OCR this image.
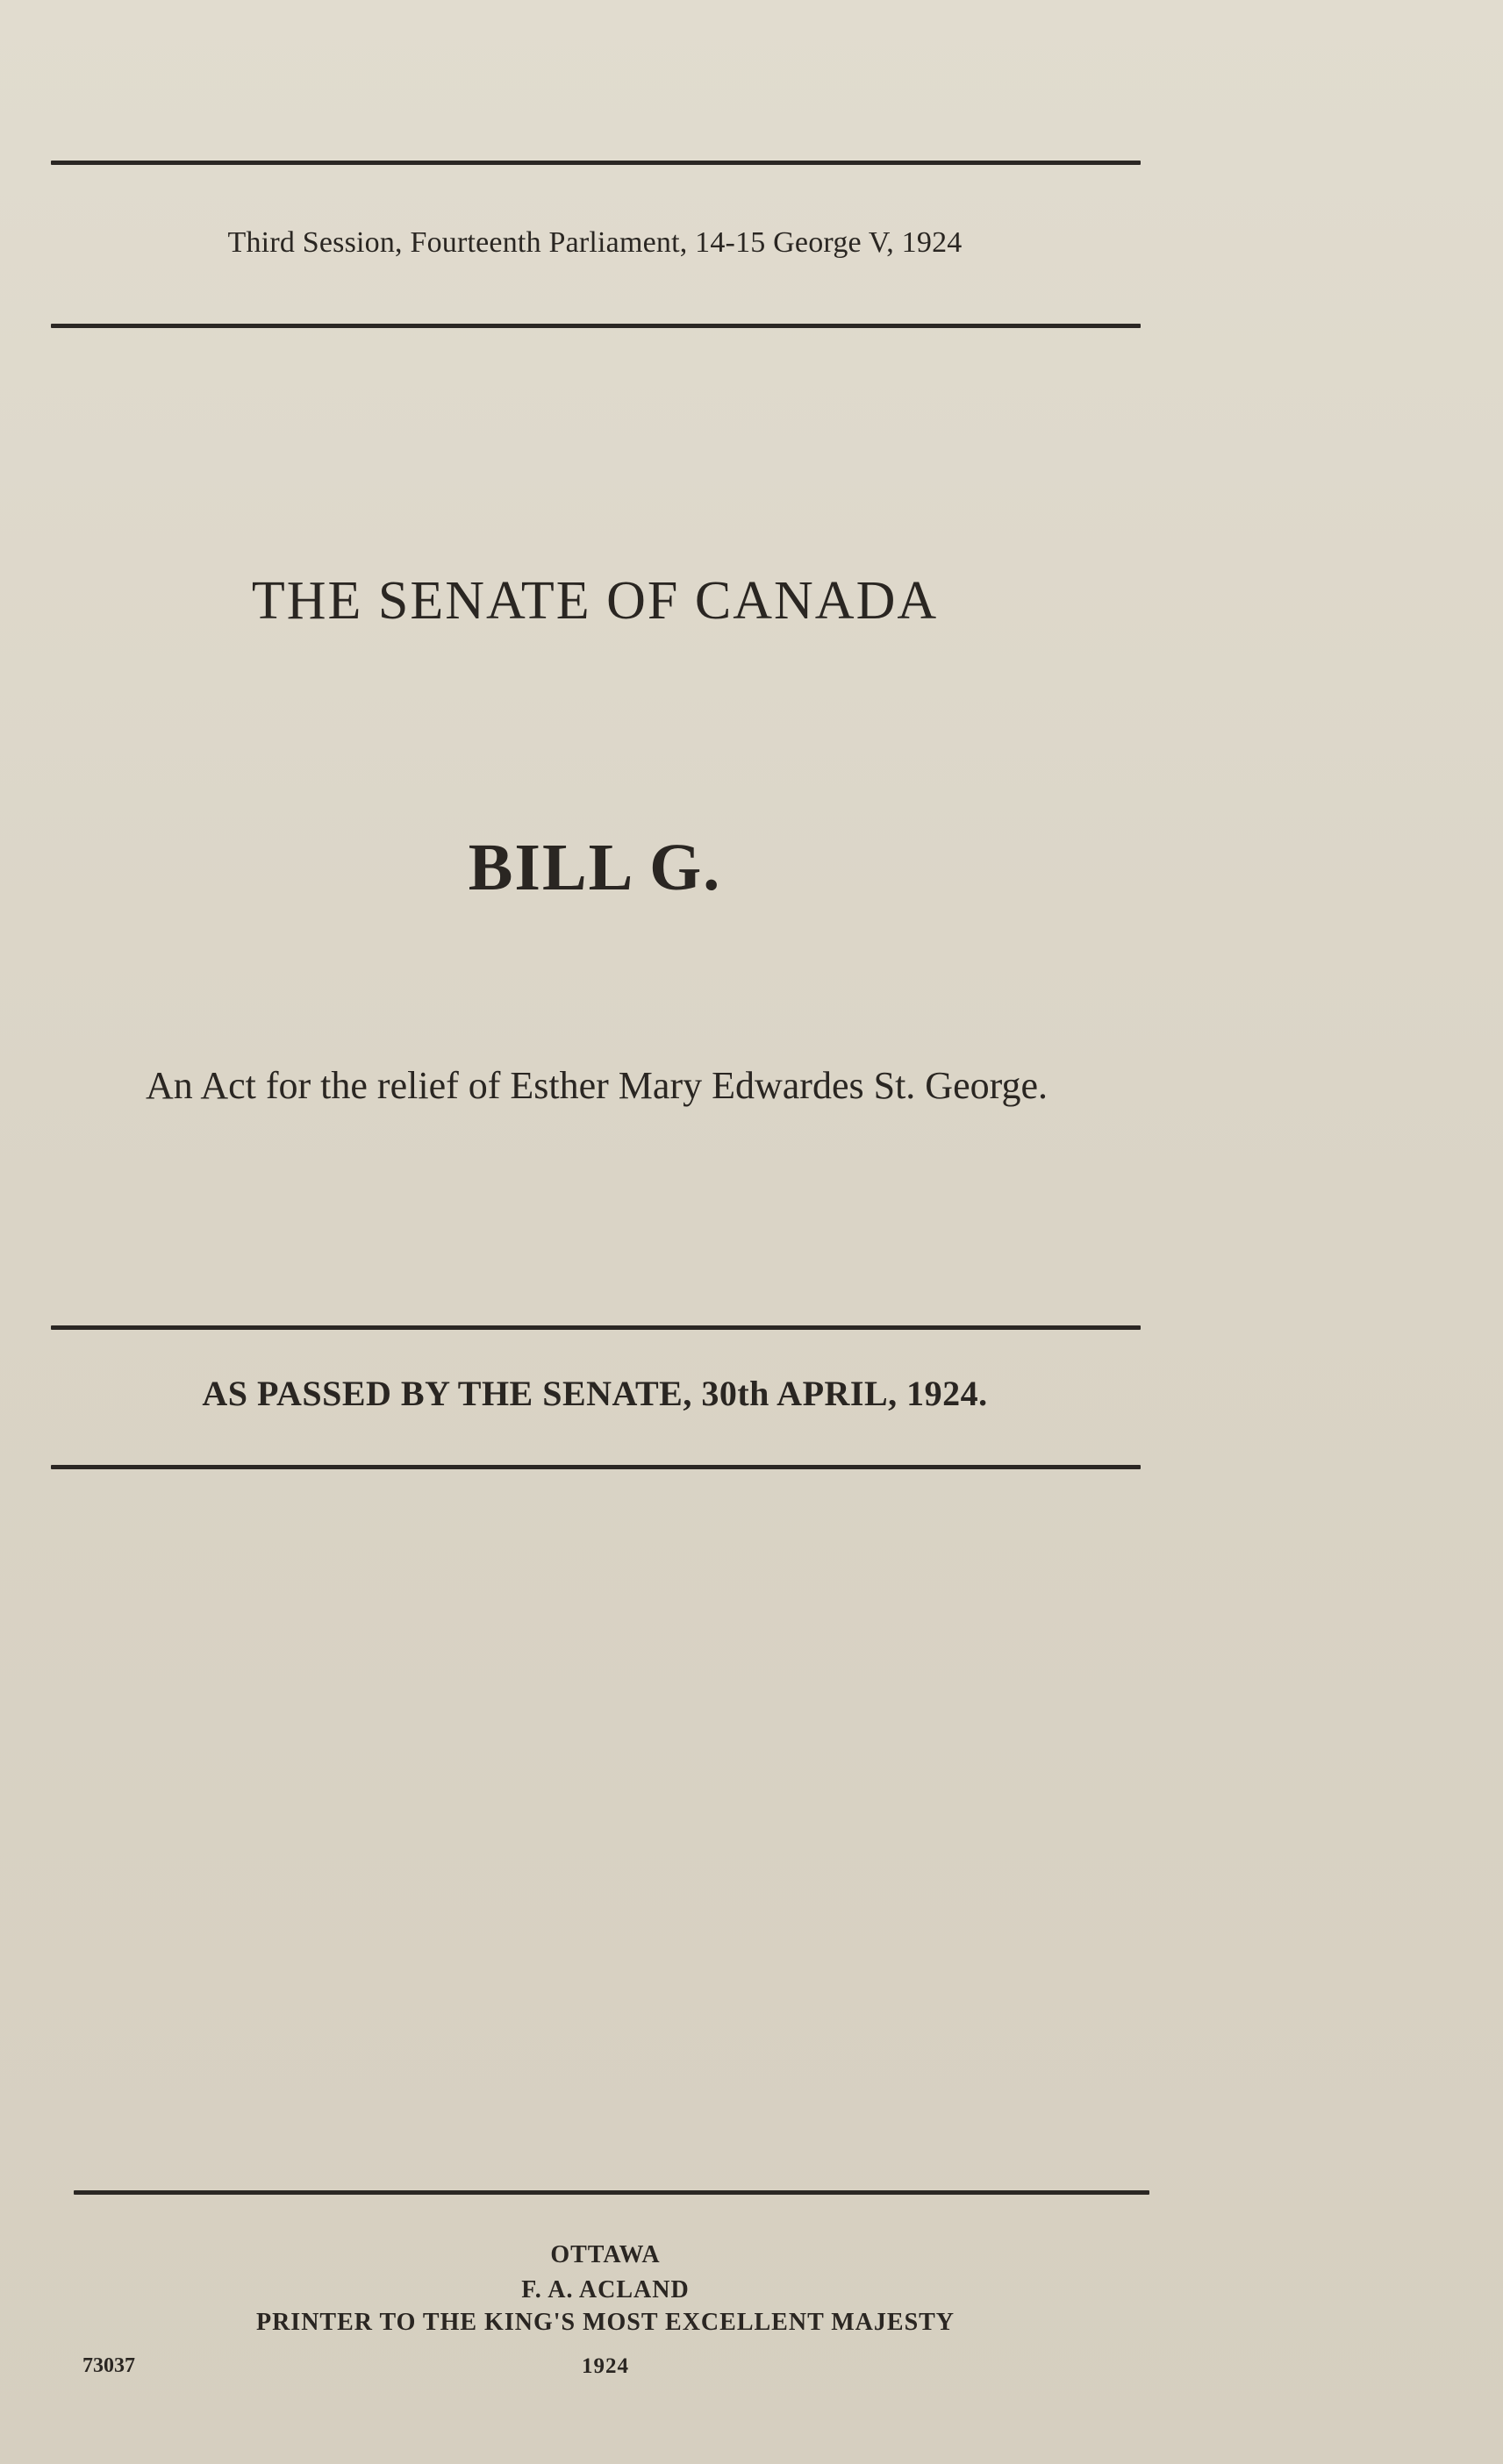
Third Session, Fourteenth Parliament, 14-15 George V, 1924
THE SENATE OF CANADA
BILL G.
An Act for the relief of Esther Mary Edwardes St. George.
AS PASSED BY THE SENATE, 30th APRIL, 1924.
OTTAWA
F. A. ACLAND
PRINTER TO THE KING'S MOST EXCELLENT MAJESTY
1924
73037
